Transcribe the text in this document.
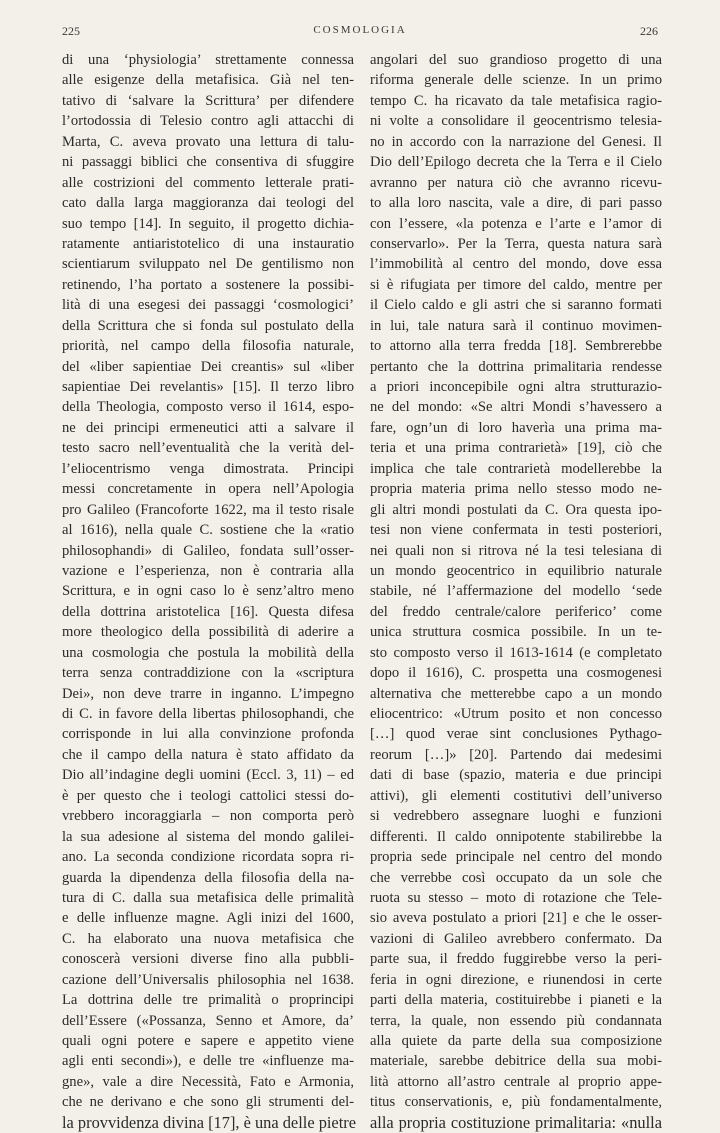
225	COSMOLOGIA	226
di una ‘physiologia’ strettamente connessa
alle esigenze della metafisica. Già nel ten-
tativo di ‘salvare la Scrittura’ per difendere
l’ortodossia di Telesio contro agli attacchi di
Marta, C. aveva provato una lettura di talu-
ni passaggi biblici che consentiva di sfuggire
alle costrizioni del commento letterale prati-
cato dalla larga maggioranza dai teologi del
suo tempo [14]. In seguito, il progetto dichia-
ratamente antiaristotelico di una instauratio
scientiarum sviluppato nel De gentilismo non
retinendo, l’ha portato a sostenere la possibi-
lità di una esegesi dei passaggi ‘cosmologici’
della Scrittura che si fonda sul postulato della
priorità, nel campo della filosofia naturale,
del «liber sapientiae Dei creantis» sul «liber
sapientiae Dei revelantis» [15]. Il terzo libro
della Theologia, composto verso il 1614, espo-
ne dei principi ermeneutici atti a salvare il
testo sacro nell’eventualità che la verità del-
l’eliocentrismo venga dimostrata. Principi
messi concretamente in opera nell’Apologia
pro Galileo (Francoforte 1622, ma il testo risale
al 1616), nella quale C. sostiene che la «ratio
philosophandi» di Galileo, fondata sull’osser-
vazione e l’esperienza, non è contraria alla
Scrittura, e in ogni caso lo è senz’altro meno
della dottrina aristotelica [16]. Questa difesa
more theologico della possibilità di aderire a
una cosmologia che postula la mobilità della
terra senza contraddizione con la «scriptura
Dei», non deve trarre in inganno. L’impegno
di C. in favore della libertas philosophandi, che
corrisponde in lui alla convinzione profonda
che il campo della natura è stato affidato da
Dio all’indagine degli uomini (Eccl. 3, 11) – ed
è per questo che i teologi cattolici stessi do-
vrebbero incoraggiarla – non comporta però
la sua adesione al sistema del mondo galilei-
ano. La seconda condizione ricordata sopra ri-
guarda la dipendenza della filosofia della na-
tura di C. dalla sua metafisica delle primalità
e delle influenze magne. Agli inizi del 1600,
C. ha elaborato una nuova metafisica che
conoscerà versioni diverse fino alla pubbli-
cazione dell’Universalis philosophia nel 1638.
La dottrina delle tre primalità o proprincipi
dell’Essere («Possanza, Senno et Amore, da’
quali ogni potere e sapere e appetito viene
agli enti secondi»), e delle tre «influenze ma-
gne», vale a dire Necessità, Fato e Armonia,
che ne derivano e che sono gli strumenti del-
la provvidenza divina [17], è una delle pietre
angolari del suo grandioso progetto di una
riforma generale delle scienze. In un primo
tempo C. ha ricavato da tale metafisica ragio-
ni volte a consolidare il geocentrismo telesia-
no in accordo con la narrazione del Genesi. Il
Dio dell’Epilogo decreta che la Terra e il Cielo
avranno per natura ciò che avranno ricevu-
to alla loro nascita, vale a dire, di pari passo
con l’essere, «la potenza e l’arte e l’amor di
conservarlo». Per la Terra, questa natura sarà
l’immobilità al centro del mondo, dove essa
si è rifugiata per timore del caldo, mentre per
il Cielo caldo e gli astri che si saranno formati
in lui, tale natura sarà il continuo movimen-
to attorno alla terra fredda [18]. Sembrerebbe
pertanto che la dottrina primalitaria rendesse
a priori inconcepibile ogni altra strutturazio-
ne del mondo: «Se altri Mondi s’havessero a
fare, ogn’un di loro haverìa una prima ma-
teria et una prima contrarietà» [19], ciò che
implica che tale contrarietà modellerebbe la
propria materia prima nello stesso modo ne-
gli altri mondi postulati da C. Ora questa ipo-
tesi non viene confermata in testi posteriori,
nei quali non si ritrova né la tesi telesiana di
un mondo geocentrico in equilibrio naturale
stabile, né l’affermazione del modello ‘sede
del freddo centrale/calore periferico’ come
unica struttura cosmica possibile. In un te-
sto composto verso il 1613-1614 (e completato
dopo il 1616), C. prospetta una cosmogenesi
alternativa che metterebbe capo a un mondo
eliocentrico: «Utrum posito et non concesso
[…] quod verae sint conclusiones Pythago-
reorum […]» [20]. Partendo dai medesimi
dati di base (spazio, materia e due principi
attivi), gli elementi costitutivi dell’universo
si vedrebbero assegnare luoghi e funzioni
differenti. Il caldo onnipotente stabilirebbe la
propria sede principale nel centro del mondo
che verrebbe così occupato da un sole che
ruota su stesso – moto di rotazione che Tele-
sio aveva postulato a priori [21] e che le osser-
vazioni di Galileo avrebbero confermato. Da
parte sua, il freddo fuggirebbe verso la peri-
feria in ogni direzione, e riunendosi in certe
parti della materia, costituirebbe i pianeti e la
terra, la quale, non essendo più condannata
alla quiete da parte della sua composizione
materiale, sarebbe debitrice della sua mobi-
lità attorno all’astro centrale al proprio appe-
titus conservationis, e, più fondamentalmente,
alla propria costituzione primalitaria: «nulla
